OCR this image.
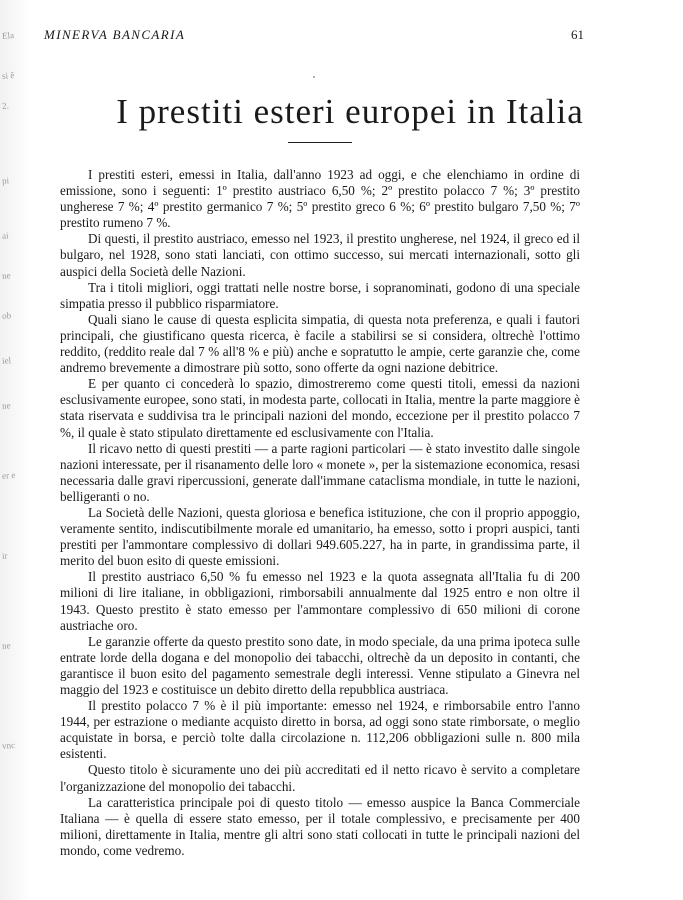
Ela
si ê
2.
pi
ai
ne
ob
iel
ne
er e
ir
ne
vnc
MINERVA BANCARIA	61
I prestiti esteri europei in Italia

I prestiti esteri, emessi in Italia, dall'anno 1923 ad oggi, e che elenchiamo in ordine di emissione, sono i seguenti: 1º prestito austriaco 6,50 %; 2º prestito polacco 7 %; 3º prestito ungherese 7 %; 4º prestito germanico 7 %; 5º prestito greco 6 %; 6º prestito bulgaro 7,50 %; 7º prestito rumeno 7 %.

Di questi, il prestito austriaco, emesso nel 1923, il prestito ungherese, nel 1924, il greco ed il bulgaro, nel 1928, sono stati lanciati, con ottimo successo, sui mercati internazionali, sotto gli auspici della Società delle Nazioni.

Tra i titoli migliori, oggi trattati nelle nostre borse, i sopranominati, godono di una speciale simpatia presso il pubblico risparmiatore.

Quali siano le cause di questa esplicita simpatia, di questa nota preferenza, e quali i fautori principali, che giustificano questa ricerca, è facile a stabilirsi se si considera, oltrechè l'ottimo reddito, (reddito reale dal 7 % all'8 % e più) anche e sopratutto le ampie, certe garanzie che, come andremo brevemente a dimostrare più sotto, sono offerte da ogni nazione debitrice.

E per quanto ci concederà lo spazio, dimostreremo come questi titoli, emessi da nazioni esclusivamente europee, sono stati, in modesta parte, collocati in Italia, mentre la parte maggiore è stata riservata e suddivisa tra le principali nazioni del mondo, eccezione per il prestito polacco 7 %, il quale è stato stipulato direttamente ed esclusivamente con l'Italia.

Il ricavo netto di questi prestiti — a parte ragioni particolari — è stato investito dalle singole nazioni interessate, per il risanamento delle loro « monete », per la sistemazione economica, resasi necessaria dalle gravi ripercussioni, generate dall'immane cataclisma mondiale, in tutte le nazioni, belligeranti o no.

La Società delle Nazioni, questa gloriosa e benefica istituzione, che con il proprio appoggio, veramente sentito, indiscutibilmente morale ed umanitario, ha emesso, sotto i propri auspici, tanti prestiti per l'ammontare complessivo di dollari 949.605.227, ha in parte, in grandissima parte, il merito del buon esito di queste emissioni.

Il prestito austriaco 6,50 % fu emesso nel 1923 e la quota assegnata all'Italia fu di 200 milioni di lire italiane, in obbligazioni, rimborsabili annualmente dal 1925 entro e non oltre il 1943. Questo prestito è stato emesso per l'ammontare complessivo di 650 milioni di corone austriache oro.

Le garanzie offerte da questo prestito sono date, in modo speciale, da una prima ipoteca sulle entrate lorde della dogana e del monopolio dei tabacchi, oltrechè da un deposito in contanti, che garantisce il buon esito del pagamento semestrale degli interessi. Venne stipulato a Ginevra nel maggio del 1923 e costituisce un debito diretto della repubblica austriaca.

Il prestito polacco 7 % è il più importante: emesso nel 1924, e rimborsabile entro l'anno 1944, per estrazione o mediante acquisto diretto in borsa, ad oggi sono state rimborsate, o meglio acquistate in borsa, e perciò tolte dalla circolazione n. 112,206 obbligazioni sulle n. 800 mila esistenti.

Questo titolo è sicuramente uno dei più accreditati ed il netto ricavo è servito a completare l'organizzazione del monopolio dei tabacchi.

La caratteristica principale poi di questo titolo — emesso auspice la Banca Commerciale Italiana — è quella di essere stato emesso, per il totale complessivo, e precisamente per 400 milioni, direttamente in Italia, mentre gli altri sono stati collocati in tutte le principali nazioni del mondo, come vedremo.
